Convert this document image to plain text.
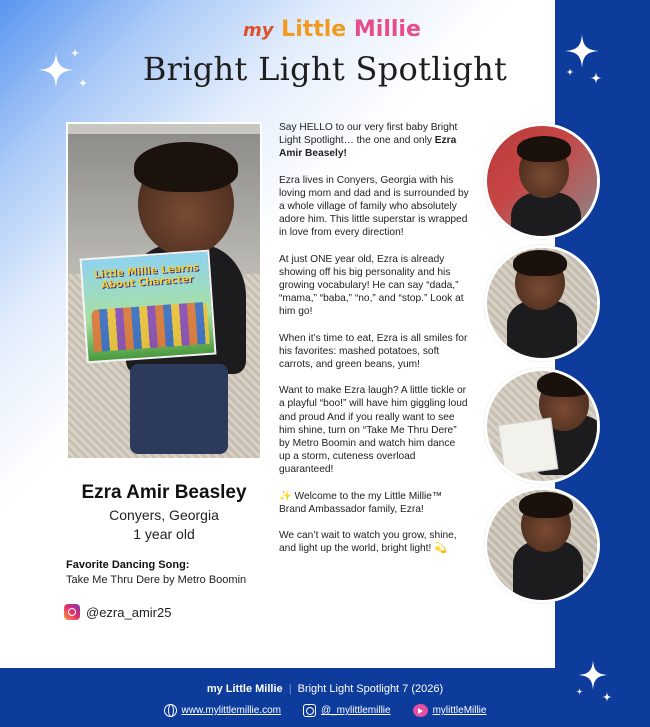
my Little Millie
Bright Light Spotlight
Little Millie Learns About Character
Ezra Amir Beasley
Conyers, Georgia
1 year old
Favorite Dancing Song:
Take Me Thru Dere by Metro Boomin
@ezra_amir25

Say HELLO to our very first baby Bright Light Spotlight… the one and only Ezra Amir Beasely!

Ezra lives in Conyers, Georgia with his loving mom and dad and is surrounded by a whole village of family who absolutely adore him. This little superstar is wrapped in love from every direction!

At just ONE year old, Ezra is already showing off his big personality and his growing vocabulary! He can say “dada,” “mama,” “baba,” “no,” and “stop.” Look at him go!

When it’s time to eat, Ezra is all smiles for his favorites: mashed potatoes, soft carrots, and green beans, yum!

Want to make Ezra laugh? A little tickle or a playful “boo!” will have him giggling loud and proud And if you really want to see him shine, turn on “Take Me Thru Dere” by Metro Boomin and watch him dance up a storm, cuteness overload guaranteed!

✨ Welcome to the my Little Millie™ Brand Ambassador family, Ezra!

We can’t wait to watch you grow, shine, and light up the world, bright light! 💫

my Little Millie | Bright Light Spotlight 7 (2026)
www.mylittlemillie.com	@_mylittlemillie	mylittleMillie
